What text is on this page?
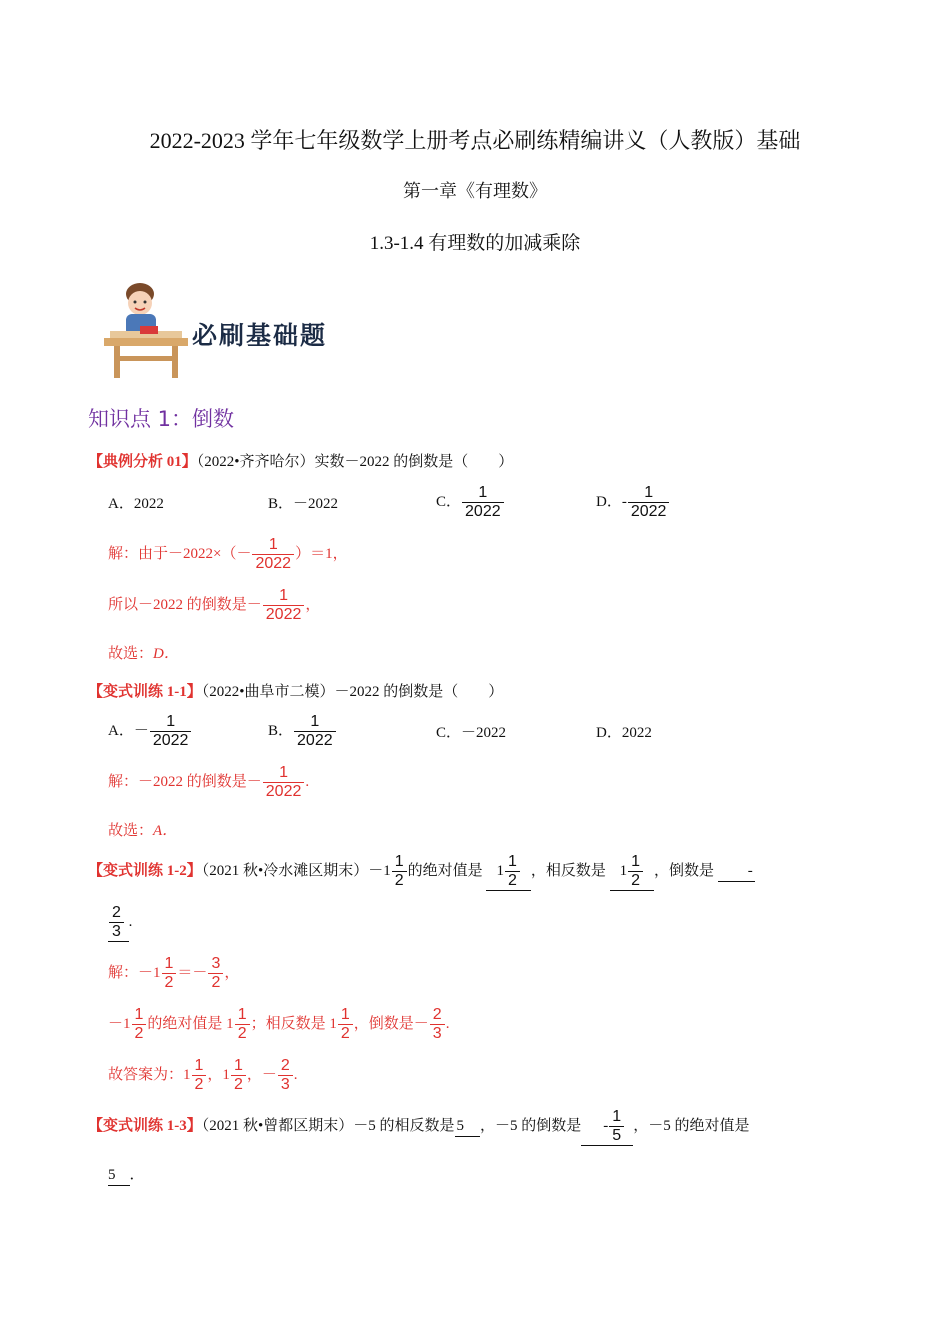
2022-2023 学年七年级数学上册考点必刷练精编讲义（人教版）基础
第一章《有理数》
1.3-1.4 有理数的加减乘除
必刷基础题
知识点 1：倒数
【典例分析 01】（2022•齐齐哈尔）实数－2022 的倒数是（　　）
A．2022	B．－2022	C． $\frac{1}{2022}$	D．- $\frac{1}{2022}$
解：由于$-2022\times(- \frac{1}{2022} )=1$，
所以－2022 的倒数是－ $\frac{1}{2022}$ ，
故选：D．
【变式训练 1-1】（2022•曲阜市二模）－2022 的倒数是（　　）
A．－ $\frac{1}{2022}$	B． $\frac{1}{2022}$	C．－2022	D．2022
解：－2022 的倒数是－ $\frac{1}{2022}$ .
故选：A．
【变式训练 1-2】（2021 秋•冷水滩区期末）$-1 \frac{1}{2}$ 的绝对值是 $1 \frac{1}{2}$ ，相反数是 $1 \frac{1}{2}$ ，倒数是 -
$\frac{2}{3}$
    .
解：$-1 \frac{1}{2} =- \frac{3}{2}$ ，
$-1 \frac{1}{2}$ 的绝对值是 $1 \frac{1}{2}$ ；相反数是 $1 \frac{1}{2}$ ，倒数是－ $\frac{2}{3}$ .
故答案为：$1 \frac{1}{2}$ ，$1 \frac{1}{2}$ ，－ $\frac{2}{3}$ .
【变式训练 1-3】（2021 秋•曾都区期末）－5 的相反数是 5 ，－5 的倒数是 - $\frac{1}{5}$ ，－5 的绝对值是
5 ．
